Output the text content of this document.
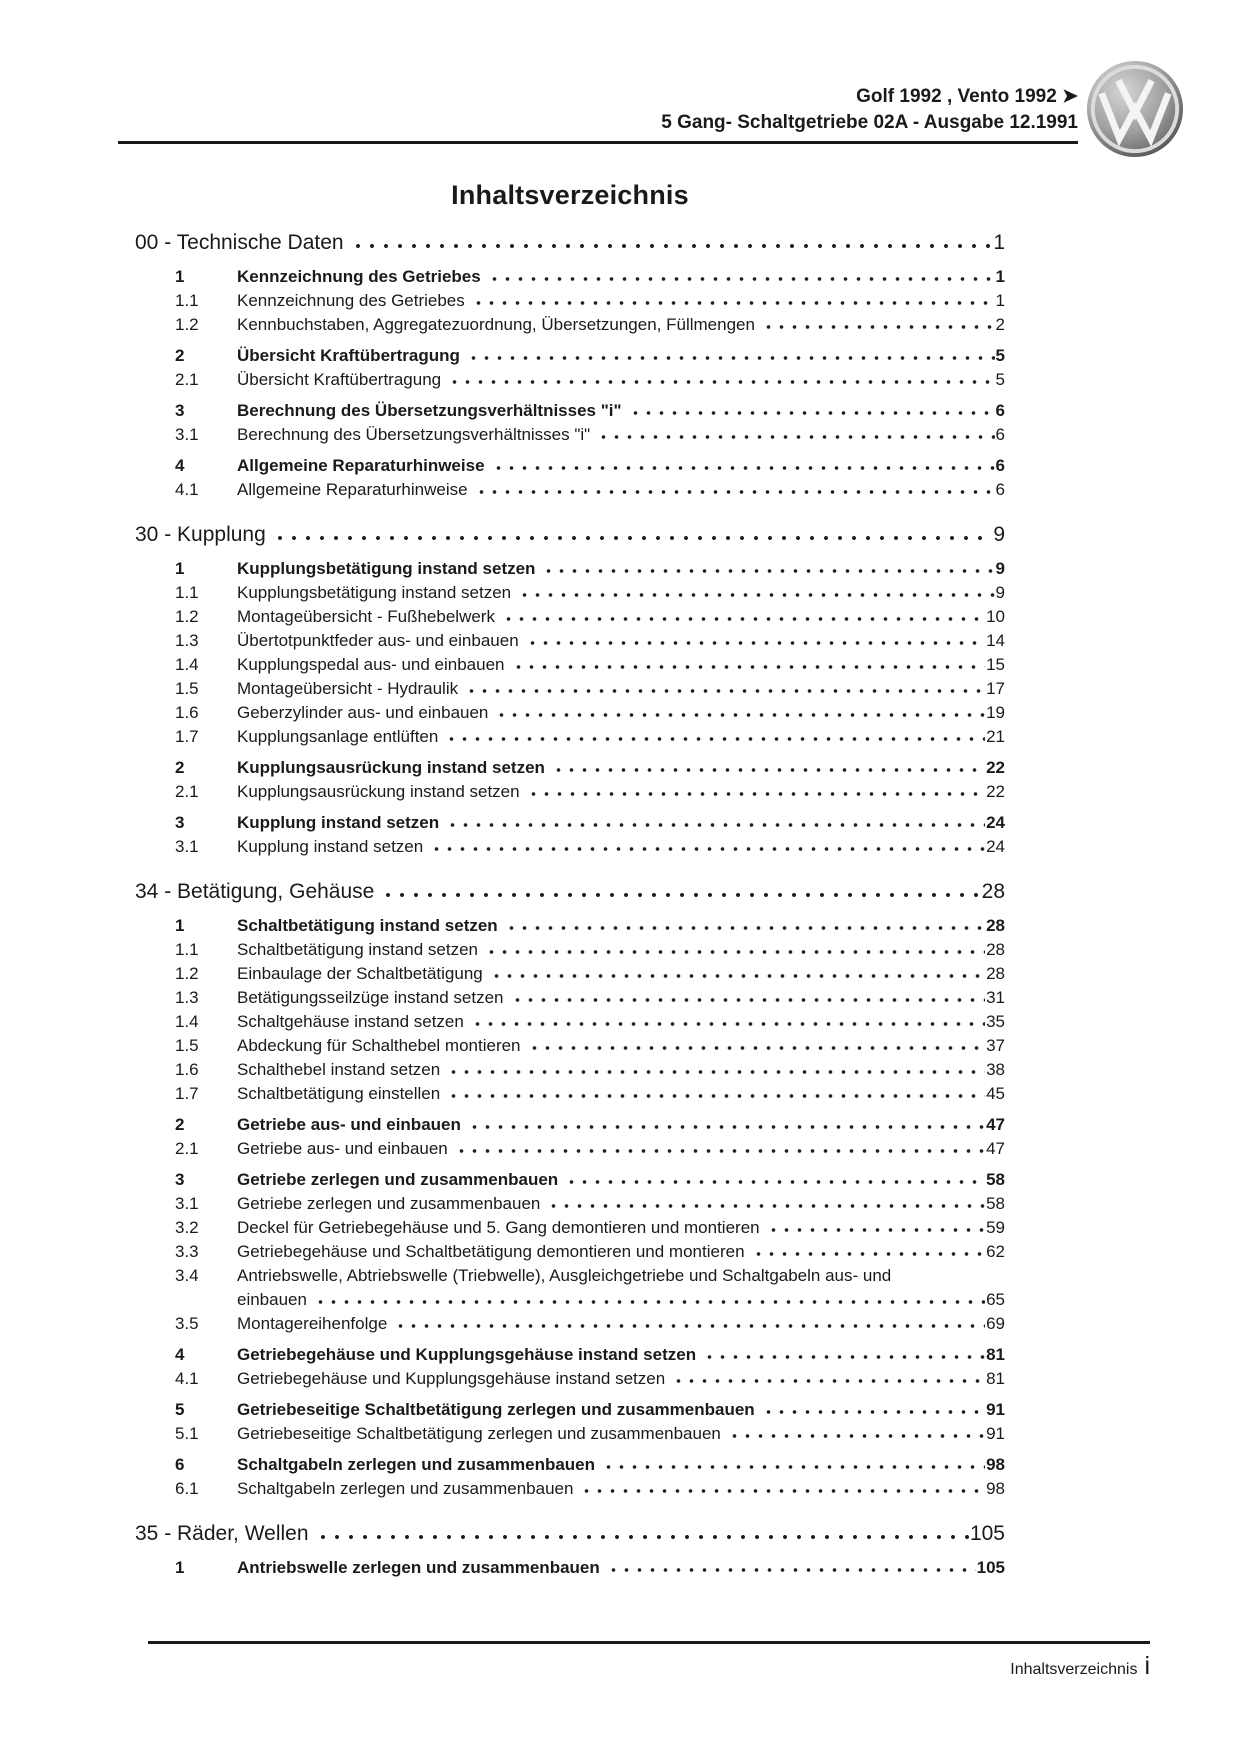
Golf 1992 , Vento 1992 ➤
5 Gang- Schaltgetriebe 02A - Ausgabe 12.1991
Inhaltsverzeichnis
00 - Technische Daten	1
1	Kennzeichnung des Getriebes	1
1.1	Kennzeichnung des Getriebes	1
1.2	Kennbuchstaben, Aggregatezuordnung, Übersetzungen, Füllmengen	2
2	Übersicht Kraftübertragung	5
2.1	Übersicht Kraftübertragung	5
3	Berechnung des Übersetzungsverhältnisses "i"	6
3.1	Berechnung des Übersetzungsverhältnisses "i"	6
4	Allgemeine Reparaturhinweise	6
4.1	Allgemeine Reparaturhinweise	6
30 - Kupplung	9
1	Kupplungsbetätigung instand setzen	9
1.1	Kupplungsbetätigung instand setzen	9
1.2	Montageübersicht - Fußhebelwerk	10
1.3	Übertotpunktfeder aus- und einbauen	14
1.4	Kupplungspedal aus- und einbauen	15
1.5	Montageübersicht - Hydraulik	17
1.6	Geberzylinder aus- und einbauen	19
1.7	Kupplungsanlage entlüften	21
2	Kupplungsausrückung instand setzen	22
2.1	Kupplungsausrückung instand setzen	22
3	Kupplung instand setzen	24
3.1	Kupplung instand setzen	24
34 - Betätigung, Gehäuse	28
1	Schaltbetätigung instand setzen	28
1.1	Schaltbetätigung instand setzen	28
1.2	Einbaulage der Schaltbetätigung	28
1.3	Betätigungsseilzüge instand setzen	31
1.4	Schaltgehäuse instand setzen	35
1.5	Abdeckung für Schalthebel montieren	37
1.6	Schalthebel instand setzen	38
1.7	Schaltbetätigung einstellen	45
2	Getriebe aus- und einbauen	47
2.1	Getriebe aus- und einbauen	47
3	Getriebe zerlegen und zusammenbauen	58
3.1	Getriebe zerlegen und zusammenbauen	58
3.2	Deckel für Getriebegehäuse und 5. Gang demontieren und montieren	59
3.3	Getriebegehäuse und Schaltbetätigung demontieren und montieren	62
3.4	Antriebswelle, Abtriebswelle (Triebwelle), Ausgleichgetriebe und Schaltgabeln aus- und
einbauen	65
3.5	Montagereihenfolge	69
4	Getriebegehäuse und Kupplungsgehäuse instand setzen	81
4.1	Getriebegehäuse und Kupplungsgehäuse instand setzen	81
5	Getriebeseitige Schaltbetätigung zerlegen und zusammenbauen	91
5.1	Getriebeseitige Schaltbetätigung zerlegen und zusammenbauen	91
6	Schaltgabeln zerlegen und zusammenbauen	98
6.1	Schaltgabeln zerlegen und zusammenbauen	98
35 - Räder, Wellen	105
1	Antriebswelle zerlegen und zusammenbauen	105
Inhaltsverzeichnis i
